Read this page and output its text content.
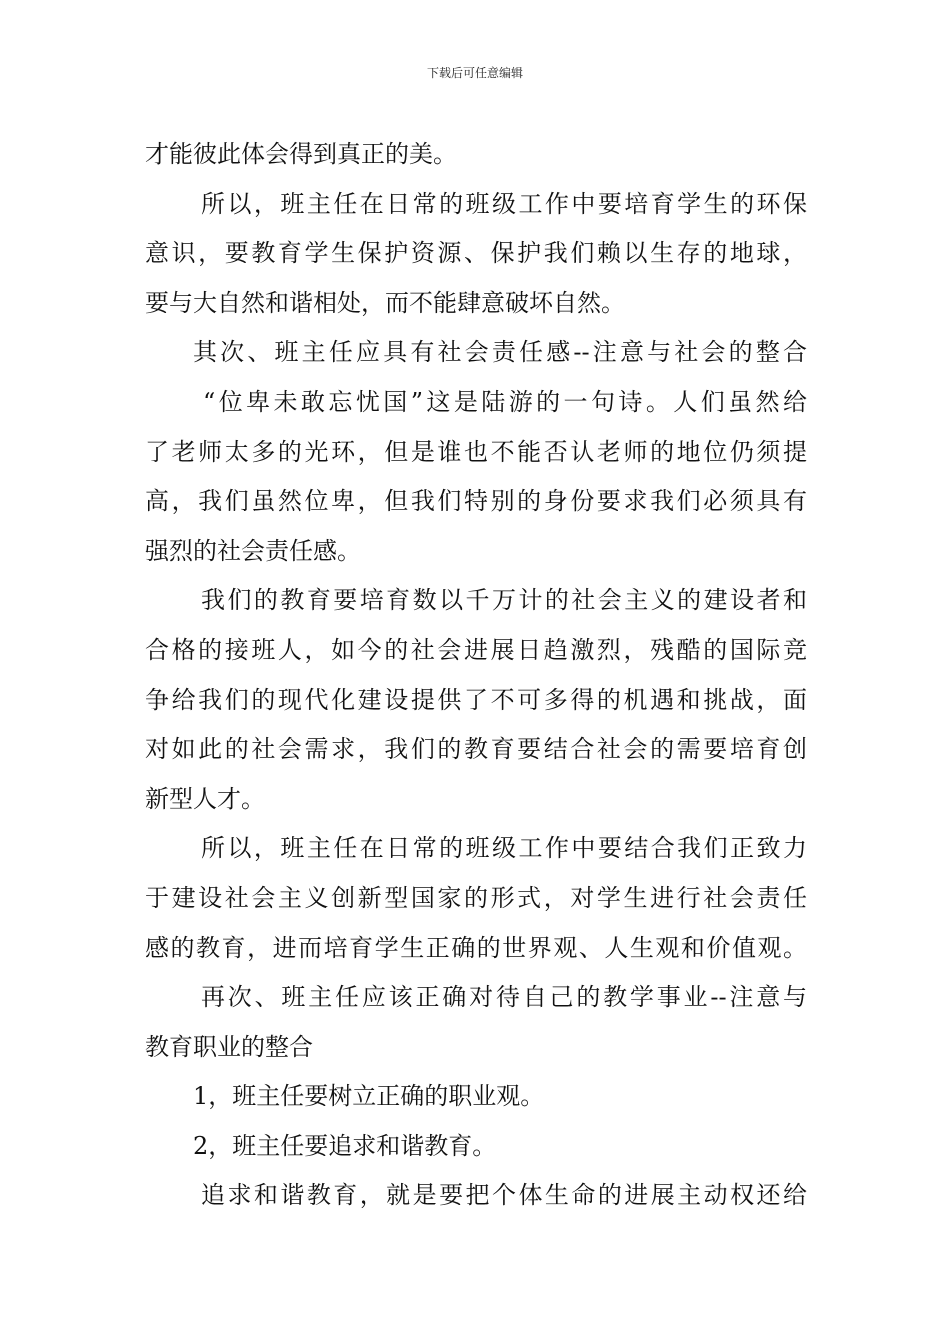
下载后可任意编辑
才能彼此体会得到真正的美。
所以，班主任在日常的班级工作中要培育学生的环保
意识，要教育学生保护资源、保护我们赖以生存的地球，
要与大自然和谐相处，而不能肆意破坏自然。
其次、班主任应具有社会责任感--注意与社会的整合
“位卑未敢忘忧国”这是陆游的一句诗。人们虽然给
了老师太多的光环，但是谁也不能否认老师的地位仍须提
高，我们虽然位卑，但我们特别的身份要求我们必须具有
强烈的社会责任感。
我们的教育要培育数以千万计的社会主义的建设者和
合格的接班人，如今的社会进展日趋激烈，残酷的国际竞
争给我们的现代化建设提供了不可多得的机遇和挑战，面
对如此的社会需求，我们的教育要结合社会的需要培育创
新型人才。
所以，班主任在日常的班级工作中要结合我们正致力
于建设社会主义创新型国家的形式，对学生进行社会责任
感的教育，进而培育学生正确的世界观、人生观和价值观。
再次、班主任应该正确对待自己的教学事业--注意与
教育职业的整合
1，班主任要树立正确的职业观。
2，班主任要追求和谐教育。
追求和谐教育，就是要把个体生命的进展主动权还给
